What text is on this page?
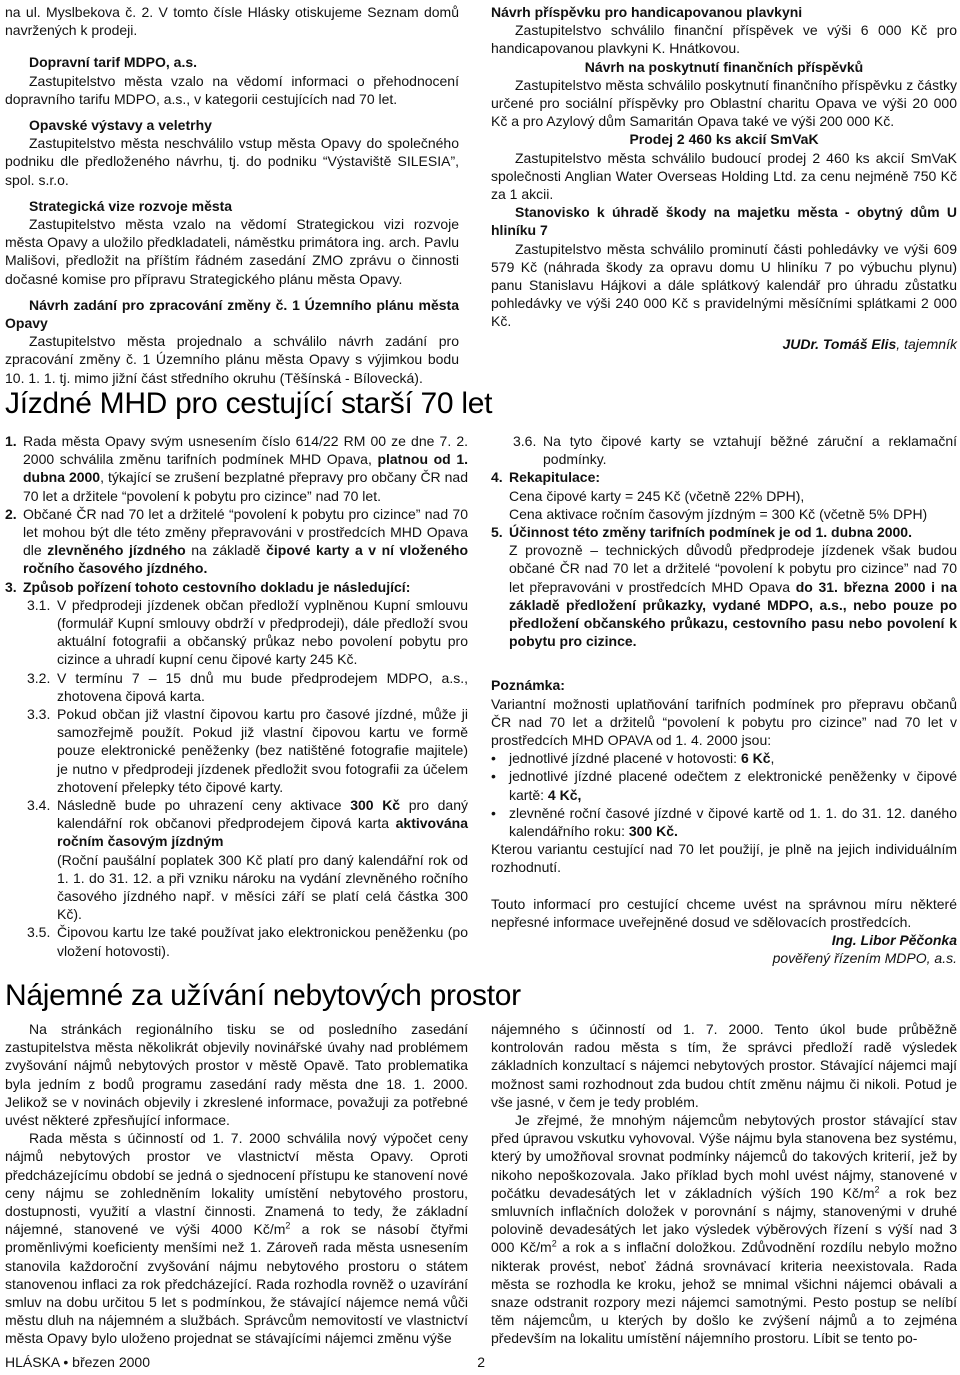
na ul. Myslbekova č. 2. V tomto čísle Hlásky otiskujeme Seznam domů navržených k prodeji.

Dopravní tarif MDPO, a.s.

Zastupitelstvo města vzalo na vědomí informaci o přehodnocení dopravního tarifu MDPO, a.s., v kategorii cestujících nad 70 let.

Opavské výstavy a veletrhy

Zastupitelstvo města neschválilo vstup města Opavy do společného podniku dle předloženého návrhu, tj. do podniku “Výstaviště SILESIA”, spol. s.r.o.

Strategická vize rozvoje města

Zastupitelstvo města vzalo na vědomí Strategickou vizi rozvoje města Opavy a uložilo předkladateli, náměstku primátora ing. arch. Pavlu Mališovi, předložit na příštím řádném zasedání ZMO zprávu o činnosti dočasné komise pro přípravu Strategického plánu města Opavy.

Návrh zadání pro zpracování změny č. 1 Územního plánu města Opavy

Zastupitelstvo města projednalo a schválilo návrh zadání pro zpracování změny č. 1 Územního plánu města Opavy s výjimkou bodu 10. 1. 1. tj. mimo jižní část středního okruhu (Těšínská - Bílovecká).

Návrh příspěvku pro handicapovanou plavkyni

Zastupitelstvo schválilo finanční příspěvek ve výši 6 000 Kč pro handicapovanou plavkyni K. Hnátkovou.

Návrh na poskytnutí finančních příspěvků

Zastupitelstvo města schválilo poskytnutí finančního příspěvku z částky určené pro sociální příspěvky pro Oblastní charitu Opava ve výši 20 000 Kč a pro Azylový dům Samaritán Opava také ve výši 200 000 Kč.

Prodej 2 460 ks akcií SmVaK

Zastupitelstvo města schválilo budoucí prodej 2 460 ks akcií SmVaK společnosti Anglian Water Overseas Holding Ltd. za cenu nejméně 750 Kč za 1 akcii.

Stanovisko k úhradě škody na majetku města - obytný dům U hliníku 7

Zastupitelstvo města schválilo prominutí části pohledávky ve výši 609 579 Kč (náhrada škody za opravu domu U hliníku 7 po výbuchu plynu) panu Stanislavu Hájkovi a dále splátkový kalendář pro úhradu zůstatku pohledávky ve výši 240 000 Kč s pravidelnými měsíčními splátkami 2 000 Kč.

JUDr. Tomáš Elis, tajemník

Jízdné MHD pro cestující starší 70 let
1. Rada města Opavy svým usnesením číslo 614/22 RM 00 ze dne 7. 2. 2000 schválila změnu tarifních podmínek MHD Opava, platnou od 1. dubna 2000, týkající se zrušení bezplatné přepravy pro občany ČR nad 70 let a držitele “povolení k pobytu pro cizince” nad 70 let.
2. Občané ČR nad 70 let a držitelé “povolení k pobytu pro cizince” nad 70 let mohou být dle této změny přepravováni v prostředcích MHD Opava dle zlevněného jízdného na základě čipové karty a v ní vloženého ročního časového jízdného.
3. Způsob pořízení tohoto cestovního dokladu je následující:
3.1. V předprodeji jízdenek občan předloží vyplněnou Kupní smlouvu (formulář Kupní smlouvy obdrží v předprodeji), dále předloží svou aktuální fotografii a občanský průkaz nebo povolení pobytu pro cizince a uhradí kupní cenu čipové karty 245 Kč.
3.2. V termínu 7 – 15 dnů mu bude předprodejem MDPO, a.s., zhotovena čipová karta.
3.3. Pokud občan již vlastní čipovou kartu pro časové jízdné, může ji samozřejmě použít. Pokud již vlastní čipovou kartu ve formě pouze elektronické peněženky (bez natištěné fotografie majitele) je nutno v předprodeji jízdenek předložit svou fotografii za účelem zhotovení přelepky této čipové karty.
3.4. Následně bude po uhrazení ceny aktivace 300 Kč pro daný kalendářní rok občanovi předprodejem čipová karta aktivována ročním časovým jízdným
(Roční paušální poplatek 300 Kč platí pro daný kalendářní rok od 1. 1. do 31. 12. a při vzniku nároku na vydání zlevněného ročního časového jízdného např. v měsíci září se platí celá částka 300 Kč).
3.5. Čipovou kartu lze také používat jako elektronickou peněženku (po vložení hotovosti).
3.6. Na tyto čipové karty se vztahují běžné záruční a reklamační podmínky.
4. Rekapitulace:
Cena čipové karty = 245 Kč (včetně 22% DPH),
Cena aktivace ročním časovým jízdným = 300 Kč (včetně 5% DPH)
5. Účinnost této změny tarifních podmínek je od 1. dubna 2000.
Z provozně – technických důvodů předprodeje jízdenek však budou občané ČR nad 70 let a držitelé “povolení k pobytu pro cizince” nad 70 let přepravováni v prostředcích MHD Opava do 31. března 2000 i na základě předložení průkazky, vydané MDPO, a.s., nebo pouze po předložení občanského průkazu, cestovního pasu nebo povolení k pobytu pro cizince.

Poznámka:

Variantní možnosti uplatňování tarifních podmínek pro přepravu občanů ČR nad 70 let a držitelů “povolení k pobytu pro cizince” nad 70 let v prostředcích MHD OPAVA od 1. 4. 2000 jsou:

• jednotlivé jízdné placené v hotovosti: 6 Kč,
• jednotlivé jízdné placené odečtem z elektronické peněženky v čipové kartě: 4 Kč,
• zlevněné roční časové jízdné v čipové kartě od 1. 1. do 31. 12. daného kalendářního roku: 300 Kč.

Kterou variantu cestující nad 70 let použijí, je plně na jejich individuálním rozhodnutí.

Touto informací pro cestující chceme uvést na správnou míru některé nepřesné informace uveřejněné dosud ve sdělovacích prostředcích.

Ing. Libor Pěčonka

pověřený řízením MDPO, a.s.

Nájemné za užívání nebytových prostor

Na stránkách regionálního tisku se od posledního zasedání zastupitelstva města několikrát objevily novinářské úvahy nad problémem zvyšování nájmů nebytových prostor v městě Opavě. Tato problematika byla jedním z bodů programu zasedání rady města dne 18. 1. 2000. Jelikož se v novinách objevily i zkreslené informace, považuji za potřebné uvést některé zpřesňující informace.

Rada města s účinností od 1. 7. 2000 schválila nový výpočet ceny nájmů nebytových prostor ve vlastnictví města Opavy. Oproti předcházejícímu období se jedná o sjednocení přístupu ke stanovení nové ceny nájmu se zohledněním lokality umístění nebytového prostoru, dostupnosti, využití a vlastní činnosti. Znamená to tedy, že základní nájemné, stanovené ve výši 4000 $Kč/m^2$ a rok se násobí čtyřmi proměnlivými koeficienty menšími než 1. Zároveň rada města usnesením stanovila každoroční zvyšování nájmu nebytového prostoru o státem stanovenou inflaci za rok předcházející. Rada rozhodla rovněž o uzavírání smluv na dobu určitou 5 let s podmínkou, že stávající nájemce nemá vůči městu dluh na nájemném a službách. Správcům nemovitostí ve vlastnictví města Opavy bylo uloženo projednat se stávajícími nájemci změnu výše

nájemného s účinností od 1. 7. 2000. Tento úkol bude průběžně kontrolován radou města s tím, že správci předloží radě výsledek základních konzultací s nájemci nebytových prostor. Stávající nájemci mají možnost sami rozhodnout zda budou chtít změnu nájmu či nikoli. Potud je vše jasné, v čem je tedy problém.

Je zřejmé, že mnohým nájemcům nebytových prostor stávající stav před úpravou vskutku vyhovoval. Výše nájmu byla stanovena bez systému, který by umožňoval srovnat podmínky nájemců do takových kriterií, jež by nikoho nepoškozovala. Jako příklad bych mohl uvést nájmy, stanovené v počátku devadesátých let v základních výších 190 $Kč/m^2$ a rok bez smluvních inflačních doložek v porovnání s nájmy, stanovenými v druhé polovině devadesátých let jako výsledek výběrových řízení s výší nad 3 000 $Kč/m^2$ a rok a s inflační doložkou. Zdůvodnění rozdílu nebylo možno nikterak provést, neboť žádná srovnávací kriteria neexistovala. Rada města se rozhodla ke kroku, jehož se mnimal všichni nájemci obávali a snaze odstranit rozpory mezi nájemci samotnými. Pesto postup se nelíbí těm nájemcům, u kterých by došlo ke zvýšení nájmů a to zejména především na lokalitu umístění nájemního prostoru. Líbit se tento po-

HLÁSKA • březen 2000	2
